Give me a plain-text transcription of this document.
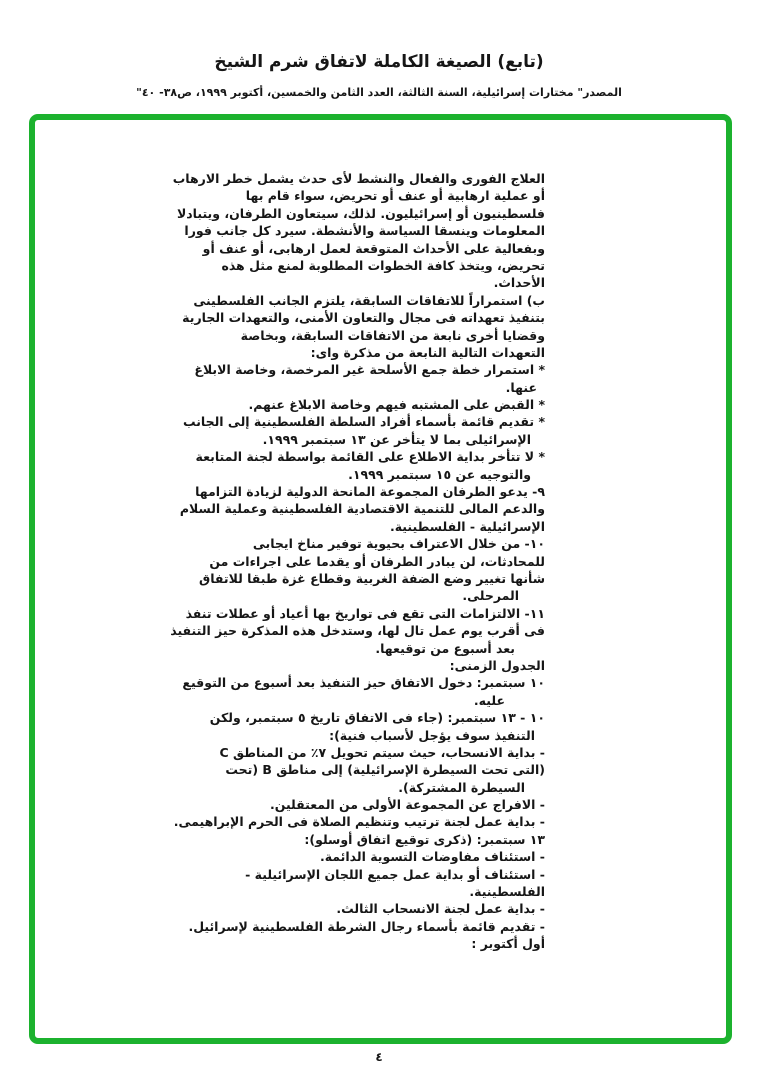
(تابع) الصيغة الكاملة لاتفاق شرم الشيخ
المصدر" مختارات إسرائيلية، السنة الثالثة، العدد الثامن والخمسين، أكتوبر ١٩٩٩، ص٣٨- ٤٠"
العلاج الفورى والفعال والنشط لأى حدث يشمل خطر الارهاب
أو عملية ارهابية أو عنف أو تحريض، سواء قام بها
فلسطينيون أو إسرائيليون. لذلك، سيتعاون الطرفان، ويتبادلا
المعلومات وينسقا السياسة والأنشطة. سيرد كل جانب فورا
وبفعالية على الأحداث المتوقعة لعمل ارهابى، أو عنف أو
تحريض، ويتخذ كافة الخطوات المطلوبة لمنع مثل هذه
الأحداث.
ب) استمراراً للاتفاقات السابقة، يلتزم الجانب الفلسطينى
بتنفيذ تعهداته فى مجال والتعاون الأمنى، والتعهدات الجارية
وقضايا أخرى نابعة من الاتفاقات السابقة، وبخاصة
التعهدات التالية النابعة من مذكرة واى:
* استمرار خطة جمع الأسلحة غير المرخصة، وخاصة الابلاغ
عنها.
* القبض على المشتبه فيهم وخاصة الابلاغ عنهم.
* تقديم قائمة بأسماء أفراد السلطة الفلسطينية إلى الجانب
الإسرائيلى بما لا يتأخر عن ١٣ سبتمبر ١٩٩٩.
* لا تتأخر بداية الاطلاع على القائمة بواسطة لجنة المتابعة
والتوجيه عن ١٥ سبتمبر ١٩٩٩.
٩- يدعو الطرفان المجموعة المانحة الدولية لزيادة التزامها
والدعم المالى للتنمية الاقتصادية الفلسطينية وعملية السلام
الإسرائيلية - الفلسطينية.
١٠- من خلال الاعتراف بحيوية توفير مناخ ايجابى
للمحادثات، لن يبادر الطرفان أو يقدما على اجراءات من
شأنها تغيير وضع الضفة الغربية وقطاع غزة طبقا للاتفاق
المرحلى.
١١- الالتزامات التى تقع فى تواريخ بها أعياد أو عطلات تنفذ
فى أقرب يوم عمل تال لها، وستدخل هذه المذكرة حيز التنفيذ
بعد أسبوع من توقيعها.
الجدول الزمنى:
١٠ سبتمبر: دخول الاتفاق حيز التنفيذ بعد أسبوع من التوقيع
عليه.
١٠ - ١٣ سبتمبر: (جاء فى الاتفاق تاريخ ٥ سبتمبر، ولكن
التنفيذ سوف يؤجل لأسباب فنية):
- بداية الانسحاب، حيث سيتم تحويل ٧٪ من المناطق C
(التى تحت السيطرة الإسرائيلية) إلى مناطق B (تحت
السيطرة المشتركة).
- الافراج عن المجموعة الأولى من المعتقلين.
- بداية عمل لجنة ترتيب وتنظيم الصلاة فى الحرم الإبراهيمى.
١٣ سبتمبر: (ذكرى توقيع اتفاق أوسلو):
- استئناف مفاوضات التسوية الدائمة.
- استئناف أو بداية عمل جميع اللجان الإسرائيلية -
الفلسطينية.
- بداية عمل لجنة الانسحاب الثالث.
- تقديم قائمة بأسماء رجال الشرطة الفلسطينية لإسرائيل.
أول أكتوبر :
٤
